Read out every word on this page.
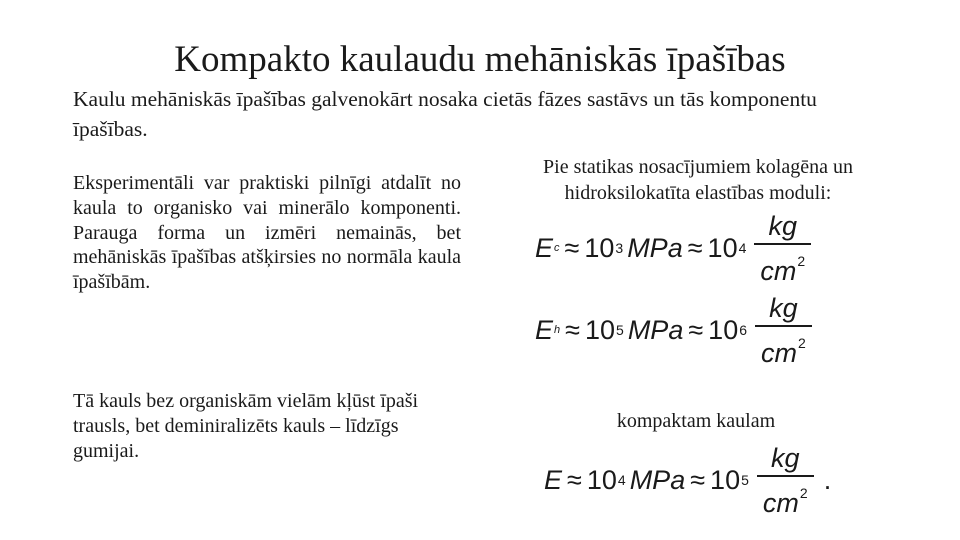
Kompakto kaulaudu mehāniskās īpašības
Kaulu mehāniskās īpašības galvenokārt nosaka cietās fāzes sastāvs un tās komponentu īpašības.
Eksperimentāli var praktiski pilnīgi atdalīt no kaula to organisko vai minerālo komponenti. Parauga forma un izmēri nemainās, bet mehāniskās īpašības atšķirsies no normāla kaula īpašībām.
Tā kauls bez organiskām vielām kļūst īpaši trausls, bet deminiralizēts kauls – līdzīgs gumijai.
Pie statikas nosacījumiem kolagēna un hidroksilokatīta elastības moduli:
E c ≈ 10 3 MPa ≈ 10 $4 \frac{kg}{cm^2}$
E h ≈ 10 5 MPa ≈ 10 $6 \frac{kg}{cm^2}$
kompaktam kaulam
E ≈ 10 4 MPa ≈ 10 $5 \frac{kg}{cm^2}$ .
